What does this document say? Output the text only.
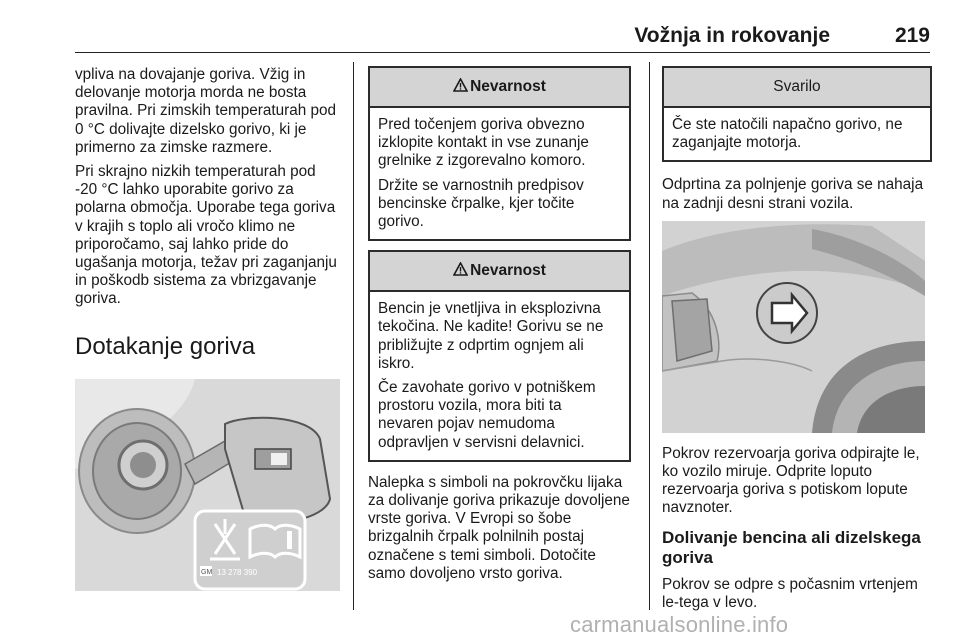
Vožnja in rokovanje	219

vpliva na dovajanje goriva. Vžig in delovanje motorja morda ne bosta pravilna. Pri zimskih temperaturah pod 0 °C dolivajte dizelsko gorivo, ki je primerno za zimske razmere.

Pri skrajno nizkih temperaturah pod -20 °C lahko uporabite gorivo za polarna območja. Uporabe tega goriva v krajih s toplo ali vročo klimo ne priporočamo, saj lahko pride do ugašanja motorja, težav pri zaganjanju in poškodb sistema za vbrizgavanje goriva.

Dotakanje goriva
GM 13 278 390
Nevarnost

Pred točenjem goriva obvezno izklopite kontakt in vse zunanje grelnike z izgorevalno komoro.

Držite se varnostnih predpisov bencinske črpalke, kjer točite gorivo.

Nevarnost

Bencin je vnetljiva in eksplozivna tekočina. Ne kadite! Gorivu se ne približujte z odprtim ognjem ali iskro.

Če zavohate gorivo v potniškem prostoru vozila, mora biti ta nevaren pojav nemudoma odpravljen v servisni delavnici.

Nalepka s simboli na pokrovčku lijaka za dolivanje goriva prikazuje dovoljene vrste goriva. V Evropi so šobe brizgalnih črpalk polnilnih postaj označene s temi simboli. Dotočite samo dovoljeno vrsto goriva.

Svarilo

Če ste natočili napačno gorivo, ne zaganjajte motorja.

Odprtina za polnjenje goriva se nahaja na zadnji desni strani vozila.

Pokrov rezervoarja goriva odpirajte le, ko vozilo miruje. Odprite loputo rezervoarja goriva s potiskom lopute navznoter.

Dolivanje bencina ali dizelskega goriva

Pokrov se odpre s počasnim vrtenjem le-tega v levo.

carmanualsonline.info
